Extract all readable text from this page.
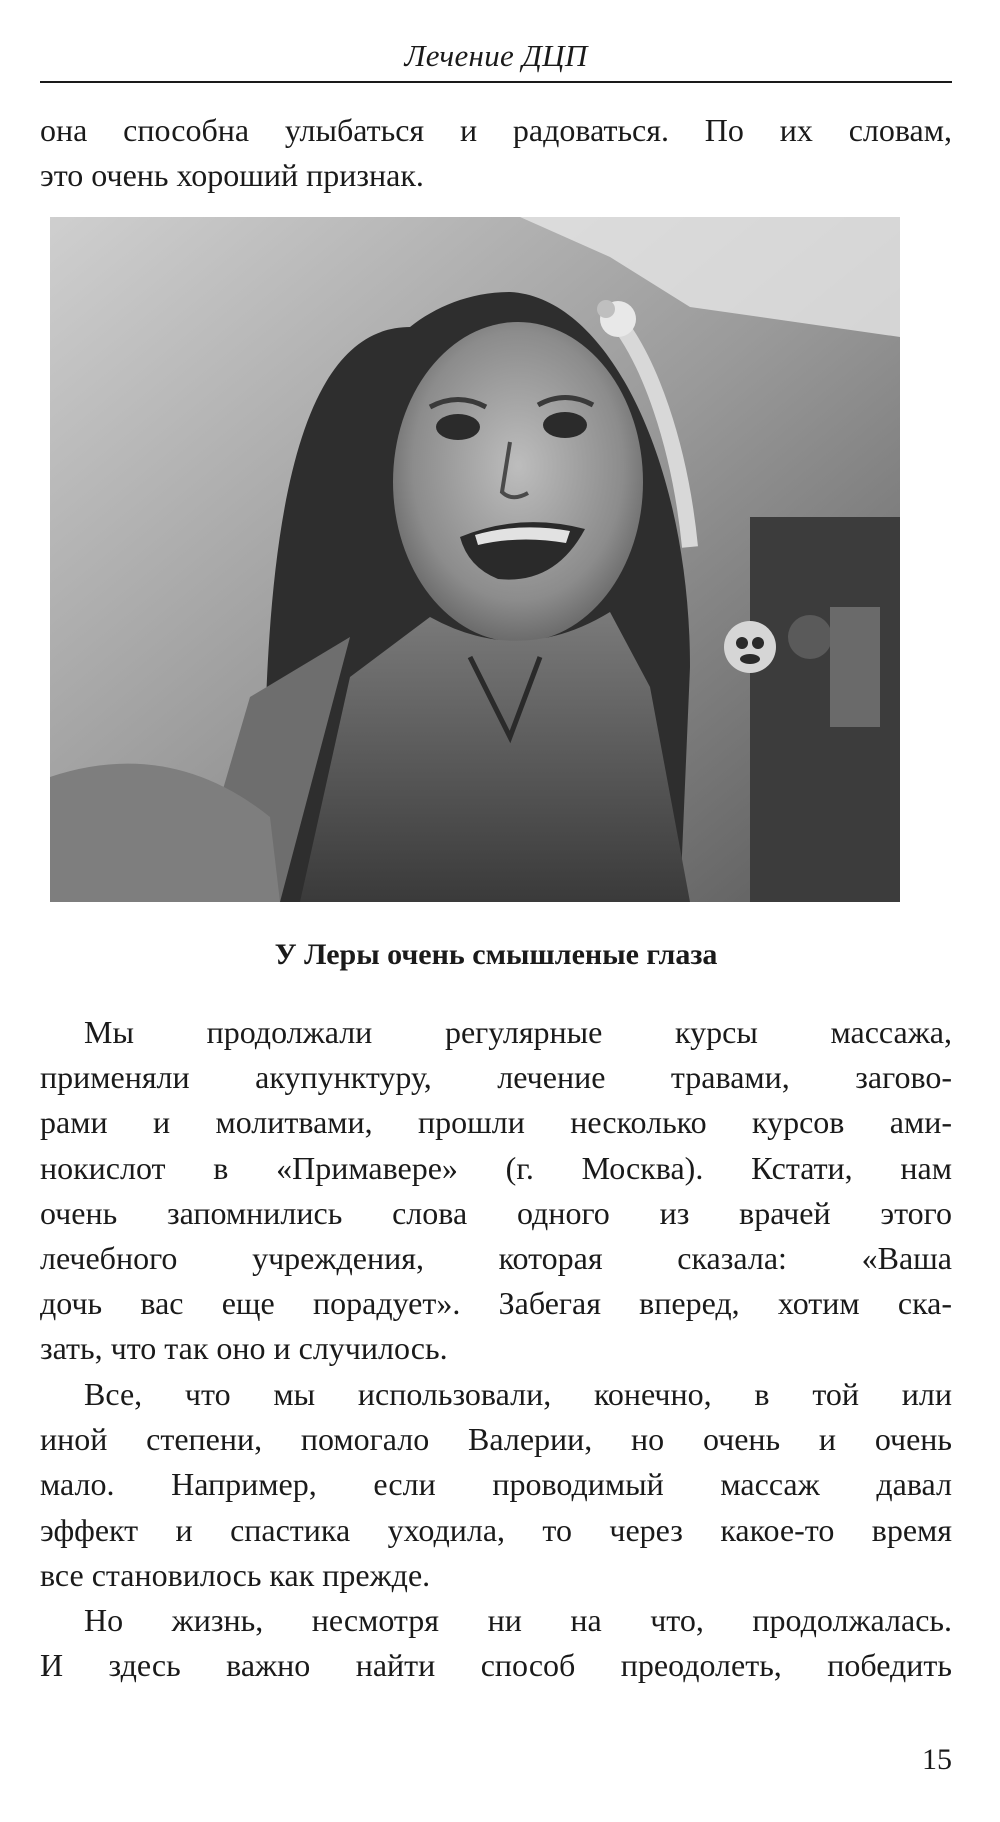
Лечение ДЦП

она способна улыбаться и радоваться. По их словам,

это очень хороший признак.

У Леры очень смышленые глаза

Мы продолжали регулярные курсы массажа,

применяли акупунктуру, лечение травами, загово-

рами и молитвами, прошли несколько курсов ами-

нокислот в «Примавере» (г. Москва). Кстати, нам

очень запомнились слова одного из врачей этого

лечебного учреждения, которая сказала: «Ваша

дочь вас еще порадует». Забегая вперед, хотим ска-

зать, что так оно и случилось.

Все, что мы использовали, конечно, в той или

иной степени, помогало Валерии, но очень и очень

мало. Например, если проводимый массаж давал

эффект и спастика уходила, то через какое-то время

все становилось как прежде.

Но жизнь, несмотря ни на что, продолжалась.

И здесь важно найти способ преодолеть, победить

15
